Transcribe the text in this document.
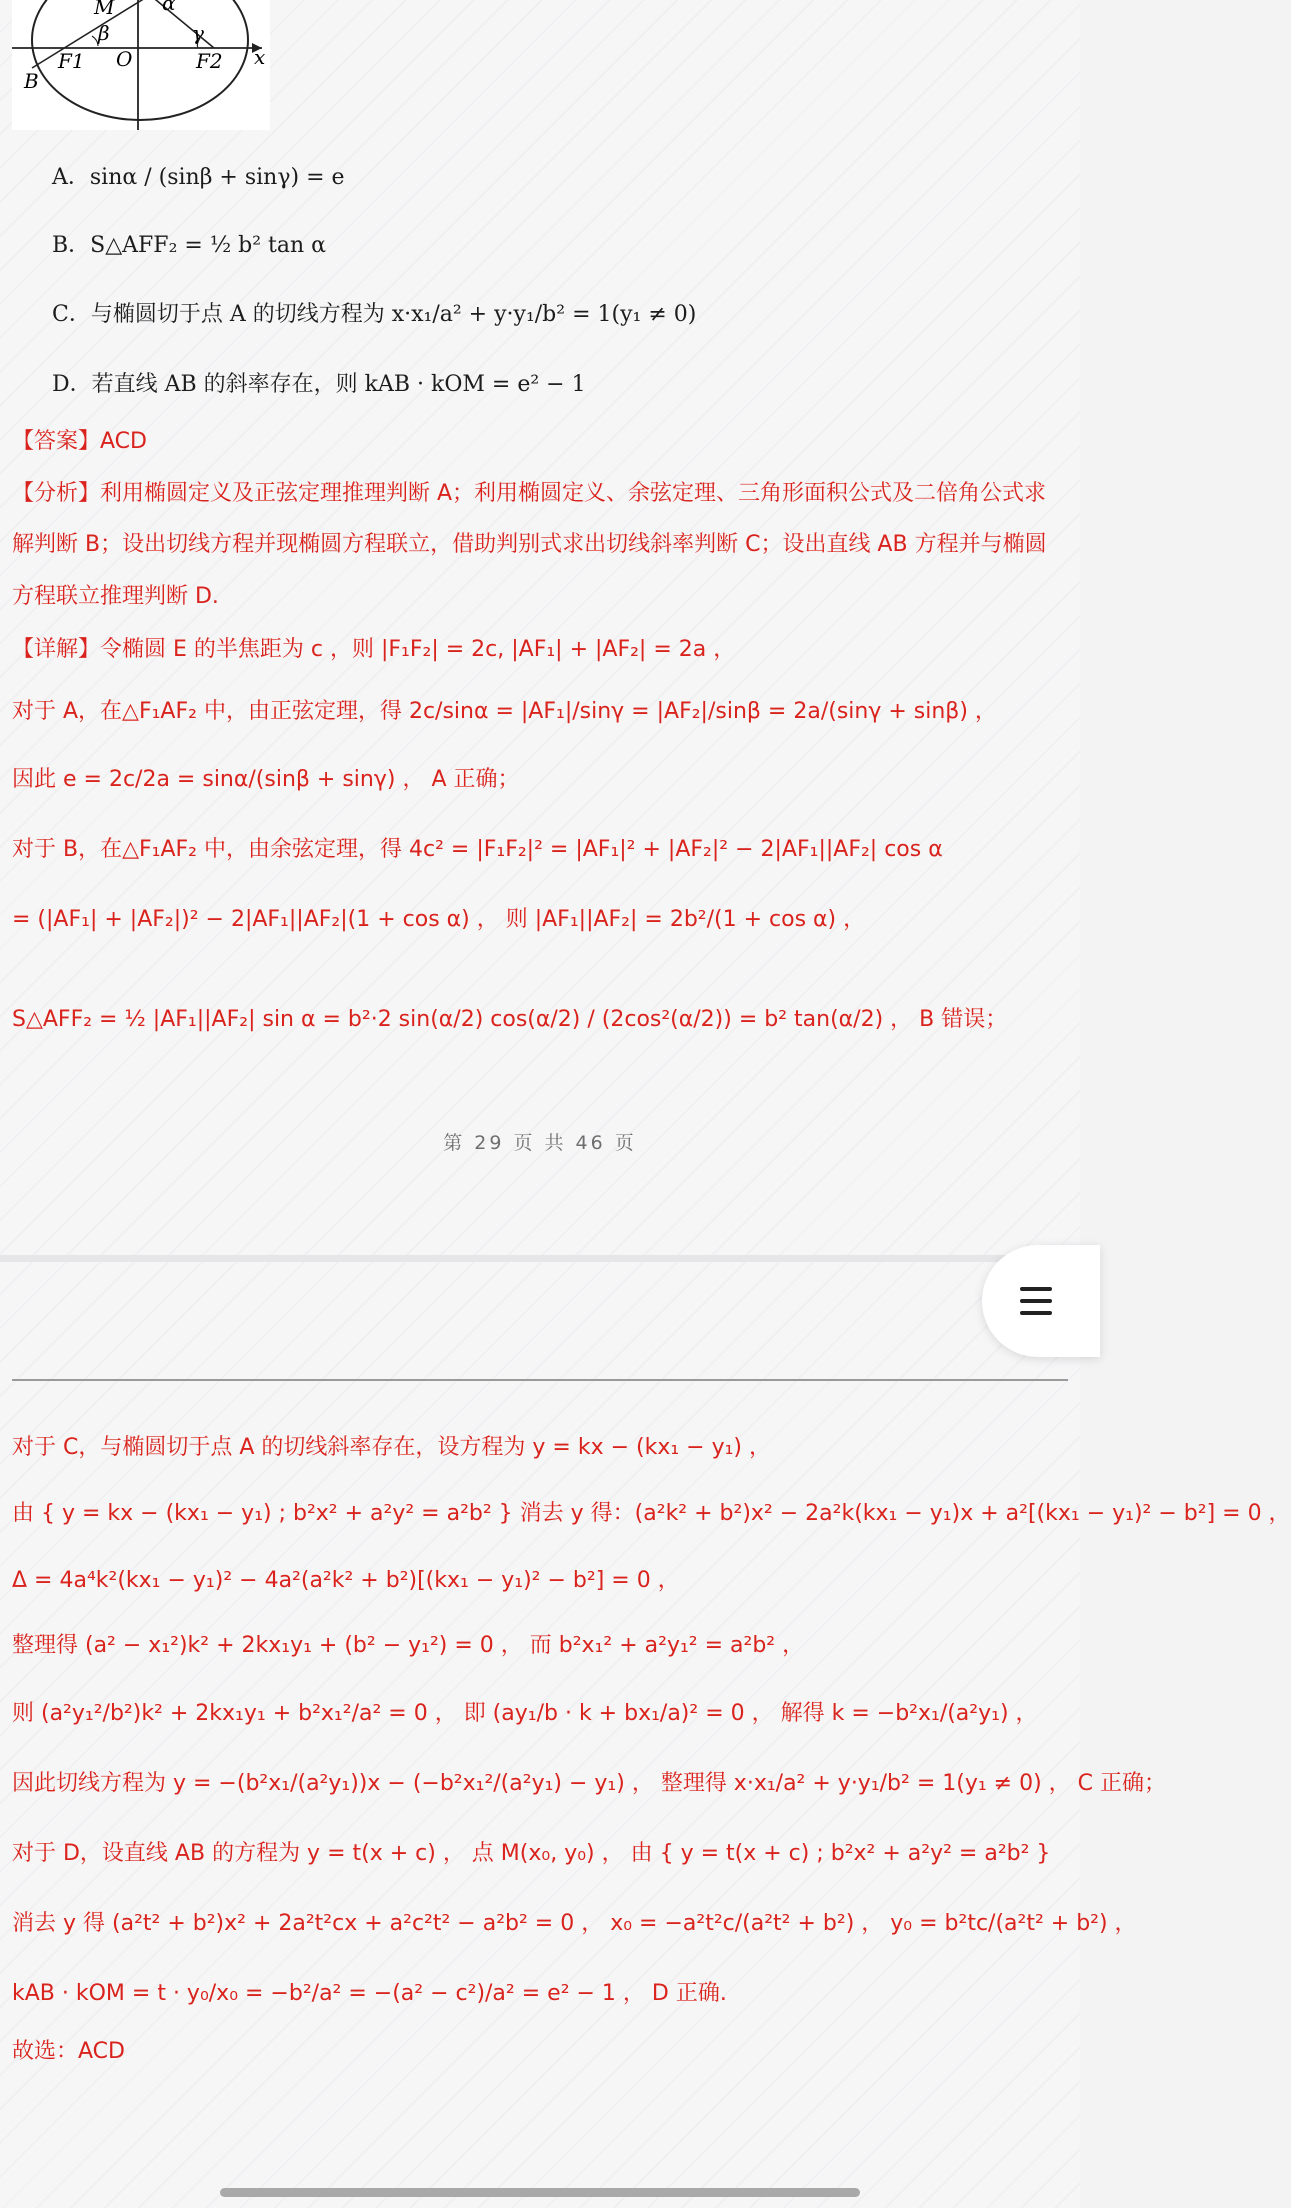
M α
β	γ
F1 O	F2 x
B
A．sinα / (sinβ + sinγ) = e
B．S△AFF₂ = ½ b² tan α
C．与椭圆切于点 A 的切线方程为 x·x₁/a² + y·y₁/b² = 1(y₁ ≠ 0)
D．若直线 AB 的斜率存在，则 kAB · kOM = e² − 1
【答案】ACD
【分析】利用椭圆定义及正弦定理推理判断 A；利用椭圆定义、余弦定理、三角形面积公式及二倍角公式求
解判断 B；设出切线方程并现椭圆方程联立，借助判别式求出切线斜率判断 C；设出直线 AB 方程并与椭圆
方程联立推理判断 D.
【详解】令椭圆 E 的半焦距为 c ，则 |F₁F₂| = 2c, |AF₁| + |AF₂| = 2a ，
对于 A，在△F₁AF₂ 中，由正弦定理，得 2c/sinα = |AF₁|/sinγ = |AF₂|/sinβ = 2a/(sinγ + sinβ) ，
因此 e = 2c/2a = sinα/(sinβ + sinγ) ， A 正确；
对于 B，在△F₁AF₂ 中，由余弦定理，得 4c² = |F₁F₂|² = |AF₁|² + |AF₂|² − 2|AF₁||AF₂| cos α
= (|AF₁| + |AF₂|)² − 2|AF₁||AF₂|(1 + cos α) ， 则 |AF₁||AF₂| = 2b²/(1 + cos α) ，
S△AFF₂ = ½ |AF₁||AF₂| sin α = b²·2 sin(α/2) cos(α/2) / (2cos²(α/2)) = b² tan(α/2) ， B 错误；
第 29 页 共 46 页
对于 C，与椭圆切于点 A 的切线斜率存在，设方程为 y = kx − (kx₁ − y₁) ，
由 { y = kx − (kx₁ − y₁) ; b²x² + a²y² = a²b² } 消去 y 得：(a²k² + b²)x² − 2a²k(kx₁ − y₁)x + a²[(kx₁ − y₁)² − b²] = 0 ，
Δ = 4a⁴k²(kx₁ − y₁)² − 4a²(a²k² + b²)[(kx₁ − y₁)² − b²] = 0 ，
整理得 (a² − x₁²)k² + 2kx₁y₁ + (b² − y₁²) = 0 ， 而 b²x₁² + a²y₁² = a²b² ，
则 (a²y₁²/b²)k² + 2kx₁y₁ + b²x₁²/a² = 0 ， 即 (ay₁/b · k + bx₁/a)² = 0 ， 解得 k = −b²x₁/(a²y₁) ，
因此切线方程为 y = −(b²x₁/(a²y₁))x − (−b²x₁²/(a²y₁) − y₁) ， 整理得 x·x₁/a² + y·y₁/b² = 1(y₁ ≠ 0) ， C 正确；
对于 D，设直线 AB 的方程为 y = t(x + c) ， 点 M(x₀, y₀) ， 由 { y = t(x + c) ; b²x² + a²y² = a²b² }
消去 y 得 (a²t² + b²)x² + 2a²t²cx + a²c²t² − a²b² = 0 ， x₀ = −a²t²c/(a²t² + b²) ， y₀ = b²tc/(a²t² + b²) ，
kAB · kOM = t · y₀/x₀ = −b²/a² = −(a² − c²)/a² = e² − 1 ， D 正确.
故选：ACD
